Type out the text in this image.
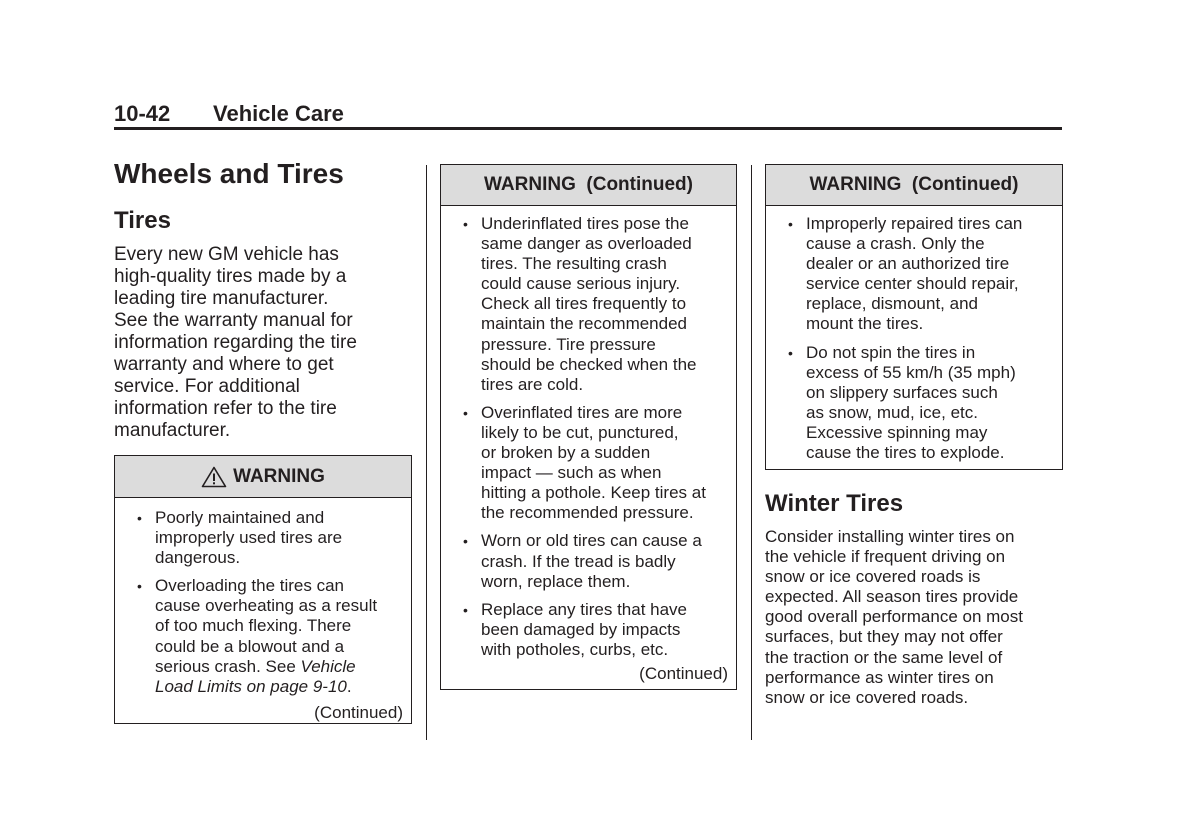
10-42 Vehicle Care
Wheels and Tires
Tires
Every new GM vehicle has
high-quality tires made by a
leading tire manufacturer.
See the warranty manual for
information regarding the tire
warranty and where to get
service. For additional
information refer to the tire
manufacturer.
WARNING
• Poorly maintained and
improperly used tires are
dangerous.
• Overloading the tires can
cause overheating as a result
of too much flexing. There
could be a blowout and a
serious crash. See Vehicle
Load Limits on page 9-10.
(Continued)
WARNING  (Continued)
• Underinflated tires pose the
same danger as overloaded
tires. The resulting crash
could cause serious injury.
Check all tires frequently to
maintain the recommended
pressure. Tire pressure
should be checked when the
tires are cold.
• Overinflated tires are more
likely to be cut, punctured,
or broken by a sudden
impact — such as when
hitting a pothole. Keep tires at
the recommended pressure.
• Worn or old tires can cause a
crash. If the tread is badly
worn, replace them.
• Replace any tires that have
been damaged by impacts
with potholes, curbs, etc.
(Continued)
WARNING  (Continued)
• Improperly repaired tires can
cause a crash. Only the
dealer or an authorized tire
service center should repair,
replace, dismount, and
mount the tires.
• Do not spin the tires in
excess of 55 km/h (35 mph)
on slippery surfaces such
as snow, mud, ice, etc.
Excessive spinning may
cause the tires to explode.
Winter Tires
Consider installing winter tires on
the vehicle if frequent driving on
snow or ice covered roads is
expected. All season tires provide
good overall performance on most
surfaces, but they may not offer
the traction or the same level of
performance as winter tires on
snow or ice covered roads.
